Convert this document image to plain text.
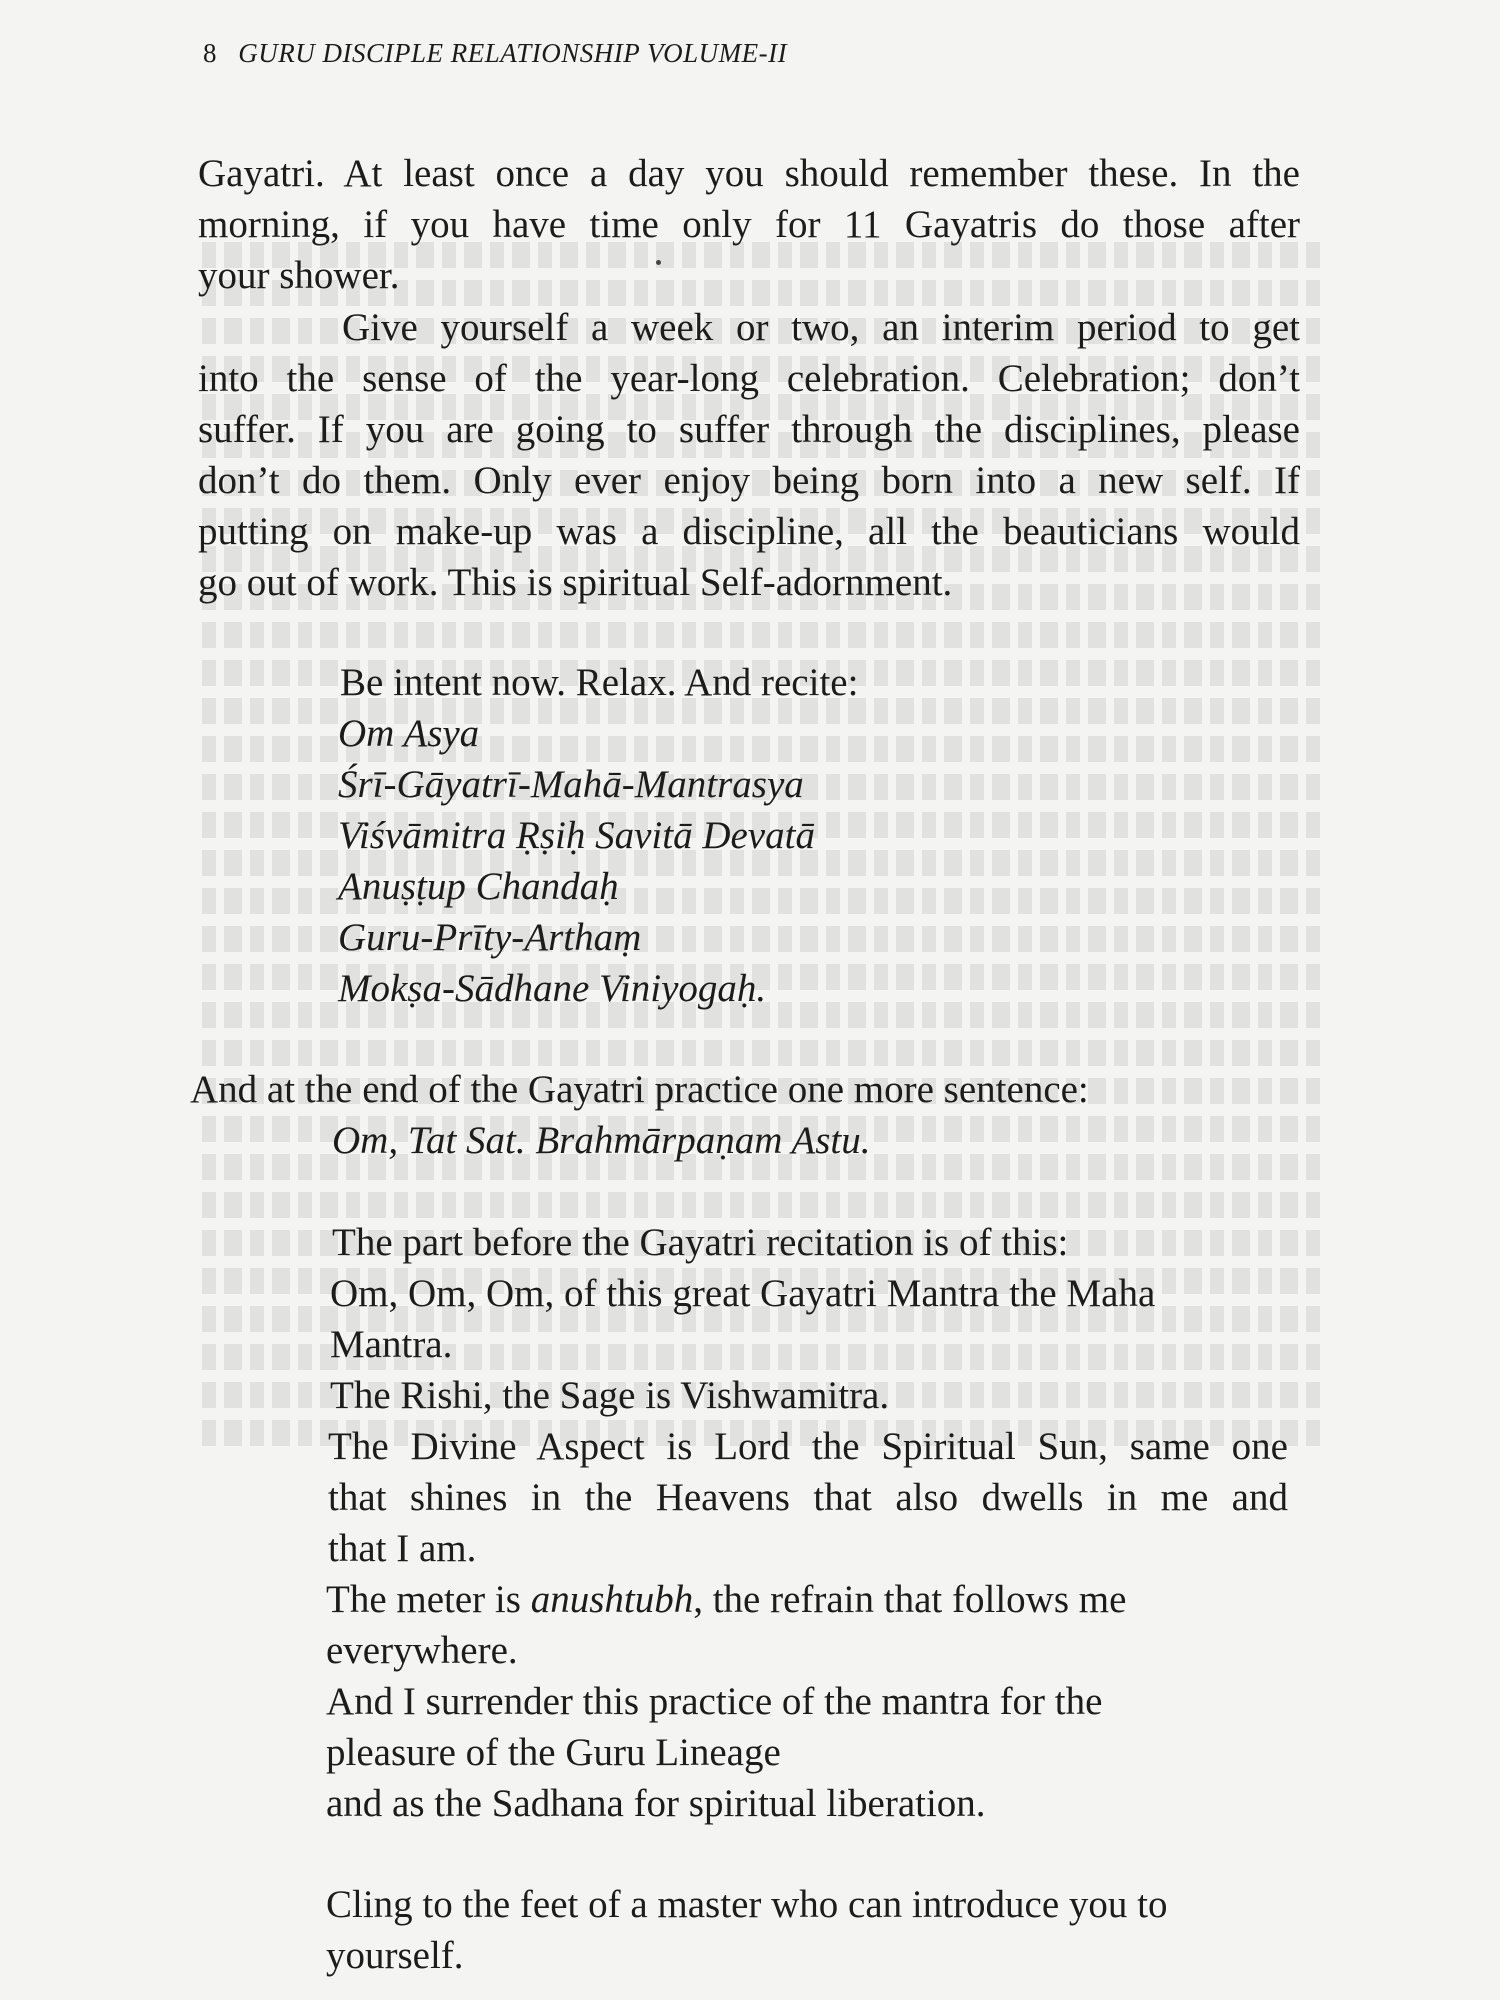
8 GURU DISCIPLE RELATIONSHIP VOLUME-II
Gayatri. At least once a day you should remember these. In the
morning, if you have time only for 11 Gayatris do those after
your shower.
Give yourself a week or two, an interim period to get
into the sense of the year-long celebration. Celebration; don’t
suffer. If you are going to suffer through the disciplines, please
don’t do them. Only ever enjoy being born into a new self. If
putting on make-up was a discipline, all the beauticians would
go out of work. This is spiritual Self-adornment.
Be intent now. Relax. And recite:
Om Asya
Śrī-Gāyatrī-Mahā-Mantrasya
Viśvāmitra Ṛṣiḥ Savitā Devatā
Anuṣṭup Chandaḥ
Guru-Prīty-Arthaṃ
Mokṣa-Sādhane Viniyogaḥ.
And at the end of the Gayatri practice one more sentence:
Om, Tat Sat. Brahmārpaṇam Astu.
The part before the Gayatri recitation is of this:
Om, Om, Om, of this great Gayatri Mantra the Maha
Mantra.
The Rishi, the Sage is Vishwamitra.
The Divine Aspect is Lord the Spiritual Sun, same one
that shines in the Heavens that also dwells in me and
that I am.
The meter is anushtubh, the refrain that follows me
everywhere.
And I surrender this practice of the mantra for the
pleasure of the Guru Lineage
and as the Sadhana for spiritual liberation.
Cling to the feet of a master who can introduce you to
yourself.
